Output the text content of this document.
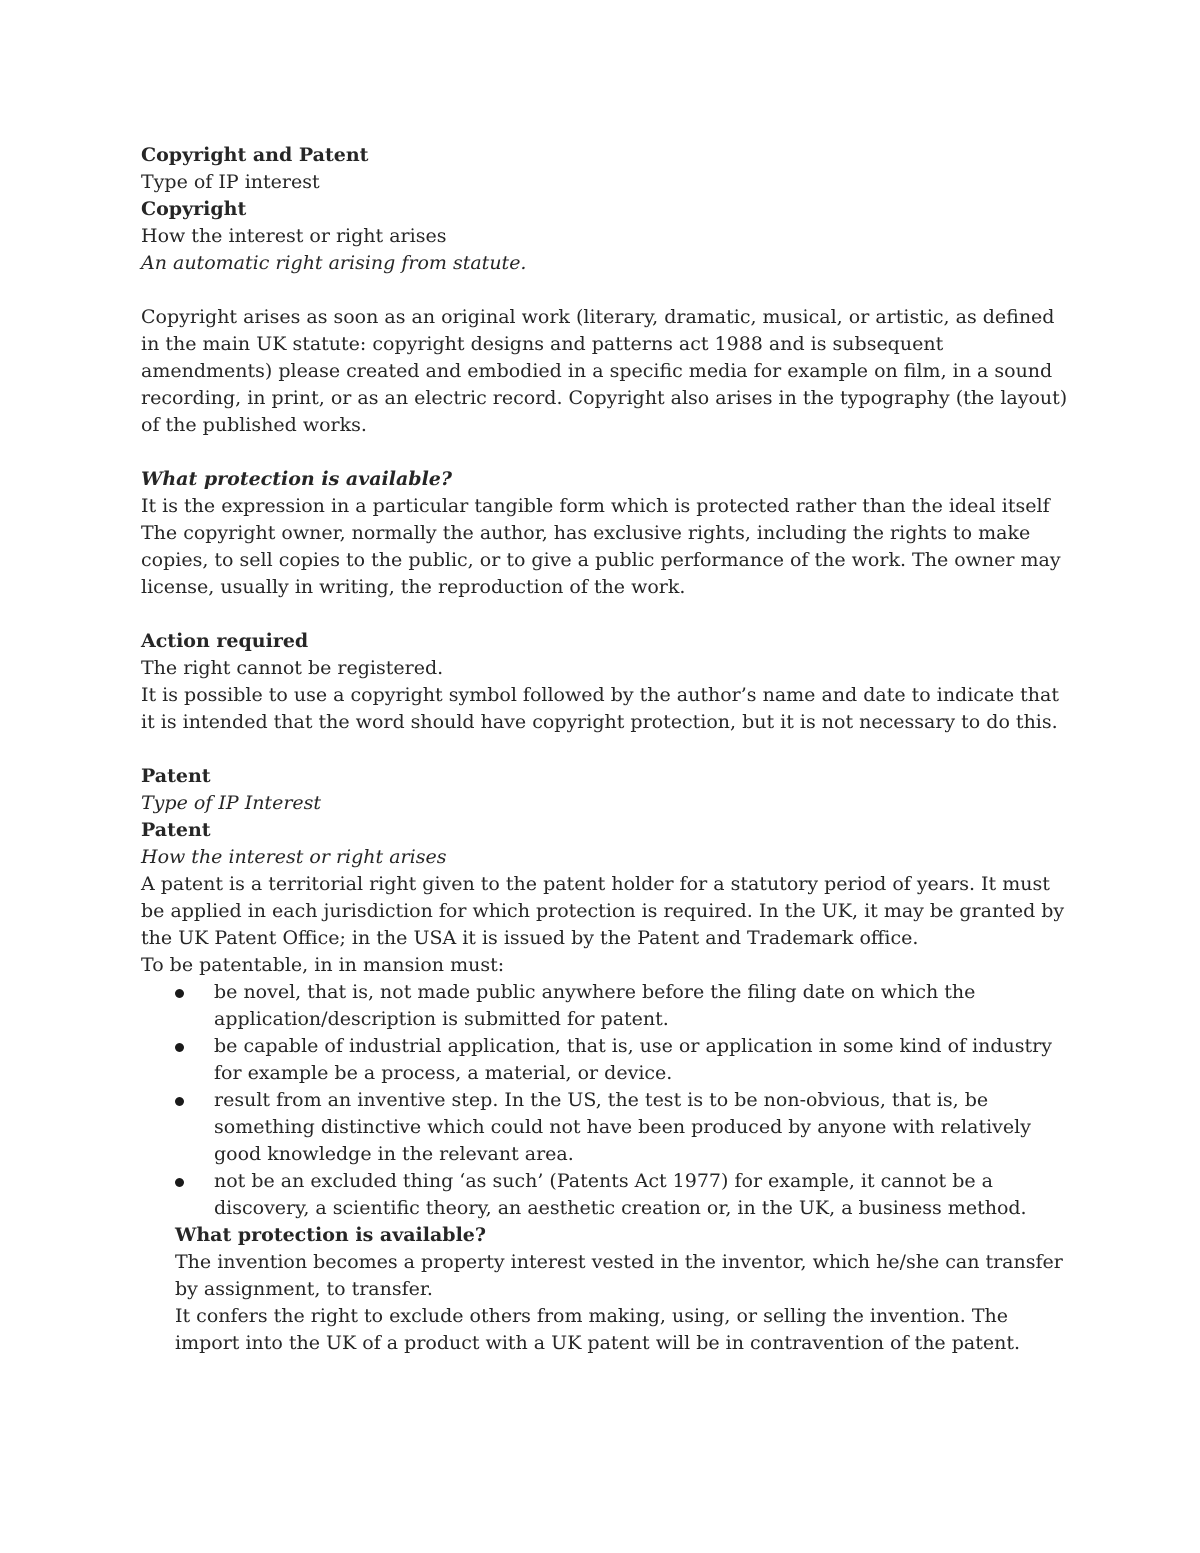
Copyright and Patent

Type of IP interest

Copyright

How the interest or right arises

An automatic right arising from statute.

Copyright arises as soon as an original work (literary, dramatic, musical, or artistic, as defined in the main UK statute: copyright designs and patterns act 1988 and is subsequent amendments) please created and embodied in a specific media for example on film, in a sound recording, in print, or as an electric record. Copyright also arises in the typography (the layout) of the published works.

What protection is available?

It is the expression in a particular tangible form which is protected rather than the ideal itself The copyright owner, normally the author, has exclusive rights, including the rights to make copies, to sell copies to the public, or to give a public performance of the work. The owner may license, usually in writing, the reproduction of the work.

Action required

The right cannot be registered.

It is possible to use a copyright symbol followed by the author’s name and date to indicate that it is intended that the word should have copyright protection, but it is not necessary to do this.

Patent

Type of IP Interest

Patent

How the interest or right arises

A patent is a territorial right given to the patent holder for a statutory period of years. It must be applied in each jurisdiction for which protection is required. In the UK, it may be granted by the UK Patent Office; in the USA it is issued by the Patent and Trademark office.

To be patentable, in in mansion must:

be novel, that is, not made public anywhere before the filing date on which the application/description is submitted for patent.
be capable of industrial application, that is, use or application in some kind of industry for example be a process, a material, or device.
result from an inventive step. In the US, the test is to be non-obvious, that is, be something distinctive which could not have been produced by anyone with relatively good knowledge in the relevant area.
not be an excluded thing ‘as such’ (Patents Act 1977) for example, it cannot be a discovery, a scientific theory, an aesthetic creation or, in the UK, a business method.

What protection is available?

The invention becomes a property interest vested in the inventor, which he/she can transfer by assignment, to transfer.

It confers the right to exclude others from making, using, or selling the invention. The import into the UK of a product with a UK patent will be in contravention of the patent.
